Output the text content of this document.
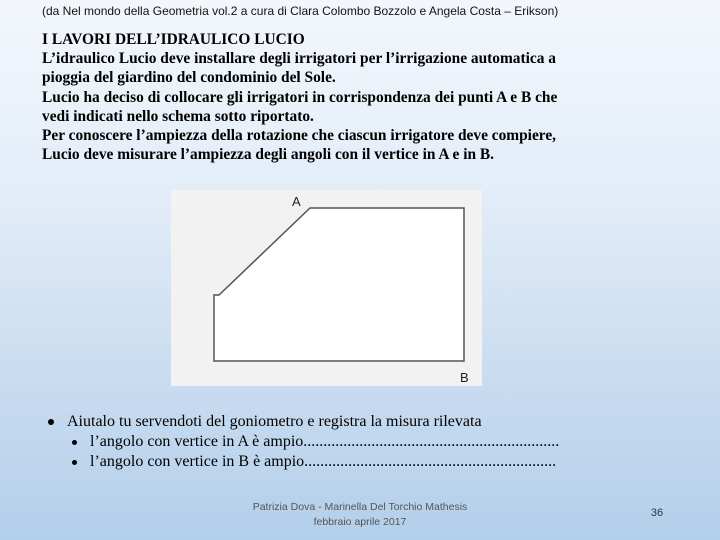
(da Nel mondo della Geometria vol.2 a cura di Clara Colombo Bozzolo e Angela Costa – Erikson)
I LAVORI DELL’IDRAULICO LUCIO
L’idraulico Lucio deve installare degli irrigatori per l’irrigazione automatica a
pioggia del giardino del condominio del Sole.
Lucio ha deciso di collocare gli irrigatori in corrispondenza dei punti A e B che
vedi indicati nello schema sotto riportato.
Per conoscere l’ampiezza della rotazione che ciascun irrigatore deve compiere,
Lucio deve misurare l’ampiezza degli angoli con il vertice in A e in B.
A
B
Aiutalo tu servendoti del goniometro e registra la misura rilevata
l’angolo con vertice in A è ampio................................................................
l’angolo con vertice in B è ampio...............................................................
Patrizia Dova - Marinella Del Torchio Mathesis
febbraio aprile 2017
36
